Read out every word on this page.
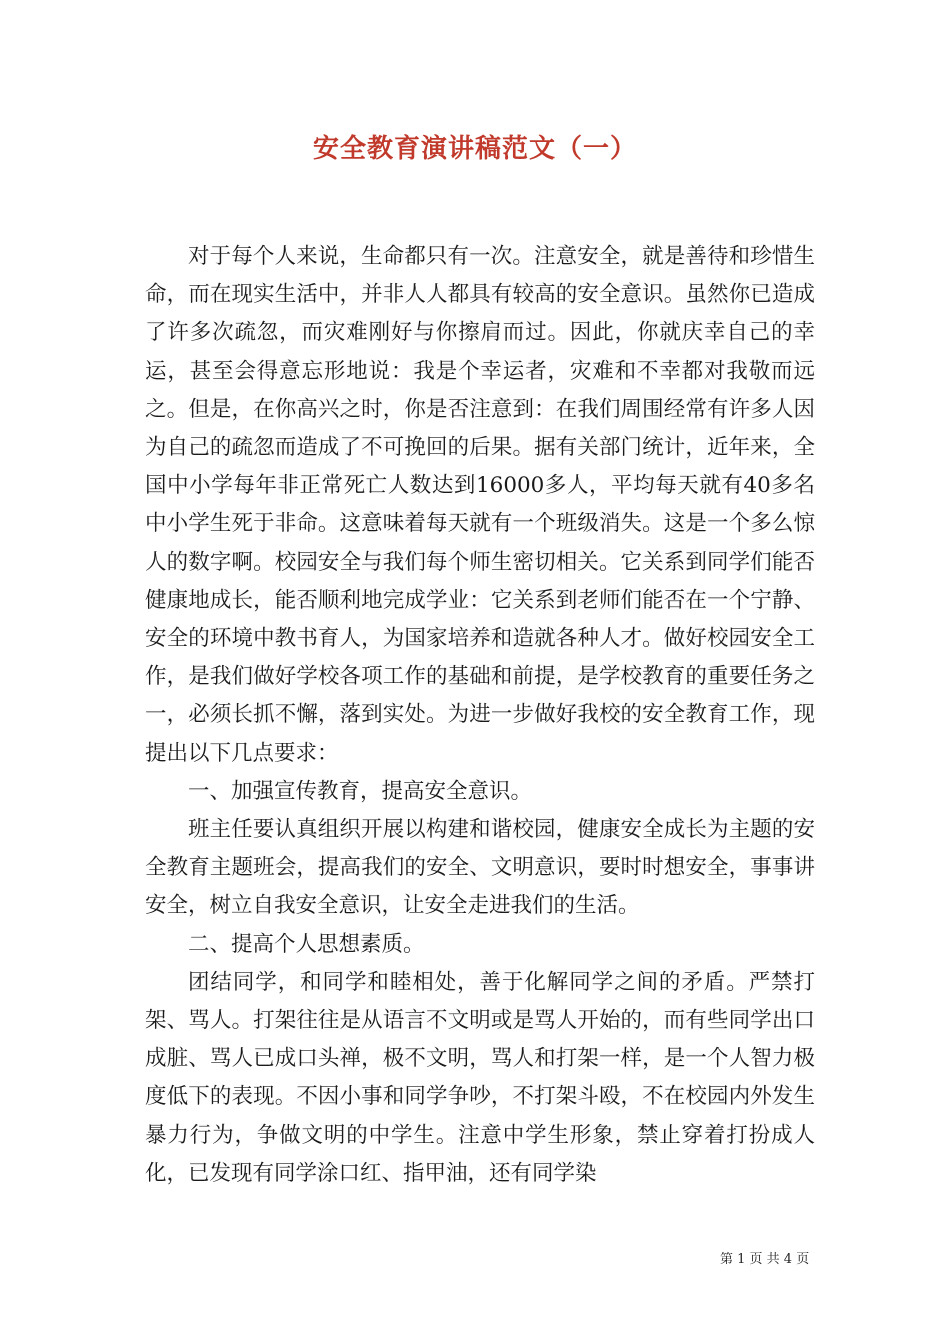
安全教育演讲稿范文（一）

对于每个人来说，生命都只有一次。注意安全，就是善待和珍惜生命，而在现实生活中，并非人人都具有较高的安全意识。虽然你已造成了许多次疏忽，而灾难刚好与你擦肩而过。因此，你就庆幸自己的幸运，甚至会得意忘形地说：我是个幸运者，灾难和不幸都对我敬而远之。但是，在你高兴之时，你是否注意到：在我们周围经常有许多人因为自己的疏忽而造成了不可挽回的后果。据有关部门统计，近年来，全国中小学每年非正常死亡人数达到16000多人，平均每天就有40多名中小学生死于非命。这意味着每天就有一个班级消失。这是一个多么惊人的数字啊。校园安全与我们每个师生密切相关。它关系到同学们能否健康地成长，能否顺利地完成学业：它关系到老师们能否在一个宁静、安全的环境中教书育人，为国家培养和造就各种人才。做好校园安全工作，是我们做好学校各项工作的基础和前提，是学校教育的重要任务之一，必须长抓不懈，落到实处。为进一步做好我校的安全教育工作，现提出以下几点要求：

一、加强宣传教育，提高安全意识。

班主任要认真组织开展以构建和谐校园，健康安全成长为主题的安全教育主题班会，提高我们的安全、文明意识，要时时想安全，事事讲安全，树立自我安全意识，让安全走进我们的生活。

二、提高个人思想素质。

团结同学，和同学和睦相处，善于化解同学之间的矛盾。严禁打架、骂人。打架往往是从语言不文明或是骂人开始的，而有些同学出口成脏、骂人已成口头禅，极不文明，骂人和打架一样，是一个人智力极度低下的表现。不因小事和同学争吵，不打架斗殴，不在校园内外发生暴力行为，争做文明的中学生。注意中学生形象，禁止穿着打扮成人化，已发现有同学涂口红、指甲油，还有同学染

第 1 页 共 4 页
